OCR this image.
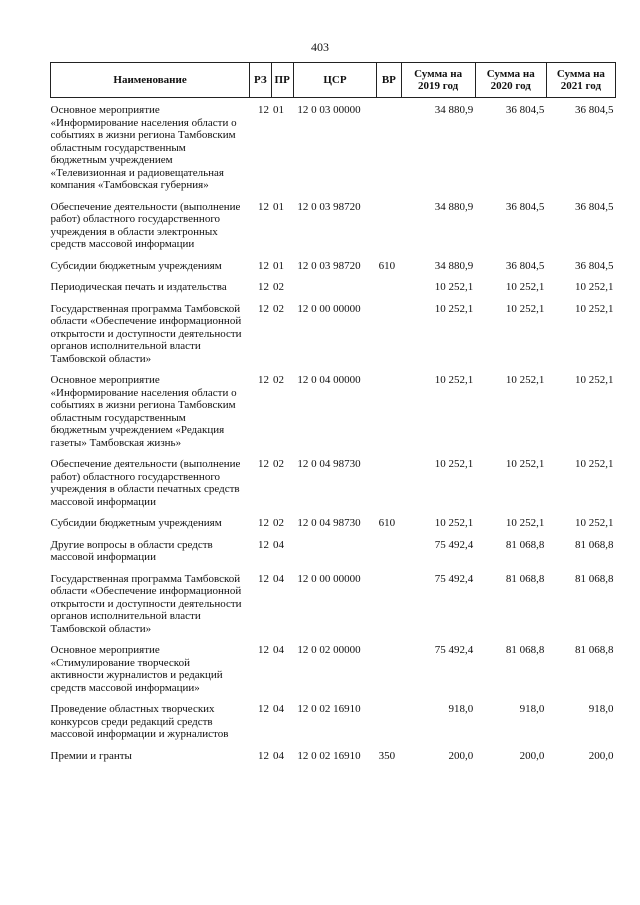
403
Наименование	РЗ	ПР	ЦСР	ВР	Сумма на 2019 год	Сумма на 2020 год	Сумма на 2021 год
Основное мероприятие «Информирование населения области о событиях в жизни региона Тамбовским областным государственным бюджетным учреждением «Телевизионная и радиовещательная компания «Тамбовская губерния»	12	01	12 0 03 00000		34 880,9	36 804,5	36 804,5
Обеспечение деятельности (выполнение работ) областного государственного учреждения в области электронных средств массовой информации	12	01	12 0 03 98720		34 880,9	36 804,5	36 804,5
Субсидии бюджетным учреждениям	12	01	12 0 03 98720	610	34 880,9	36 804,5	36 804,5
Периодическая печать и издательства	12	02			10 252,1	10 252,1	10 252,1
Государственная программа Тамбовской области «Обеспечение информационной открытости и доступности деятельности органов исполнительной власти Тамбовской области»	12	02	12 0 00 00000		10 252,1	10 252,1	10 252,1
Основное мероприятие «Информирование населения области о событиях в жизни региона Тамбовским областным государственным бюджетным учреждением «Редакция газеты» Тамбовская жизнь»	12	02	12 0 04 00000		10 252,1	10 252,1	10 252,1
Обеспечение деятельности (выполнение работ) областного государственного учреждения в области печатных средств массовой информации	12	02	12 0 04 98730		10 252,1	10 252,1	10 252,1
Субсидии бюджетным учреждениям	12	02	12 0 04 98730	610	10 252,1	10 252,1	10 252,1
Другие вопросы в области средств массовой информации	12	04			75 492,4	81 068,8	81 068,8
Государственная программа Тамбовской области «Обеспечение информационной открытости и доступности деятельности органов исполнительной власти Тамбовской области»	12	04	12 0 00 00000		75 492,4	81 068,8	81 068,8
Основное мероприятие «Стимулирование творческой активности журналистов и редакций средств массовой информации»	12	04	12 0 02 00000		75 492,4	81 068,8	81 068,8
Проведение областных творческих конкурсов среди редакций средств массовой информации и журналистов	12	04	12 0 02 16910		918,0	918,0	918,0
Премии и гранты	12	04	12 0 02 16910	350	200,0	200,0	200,0
